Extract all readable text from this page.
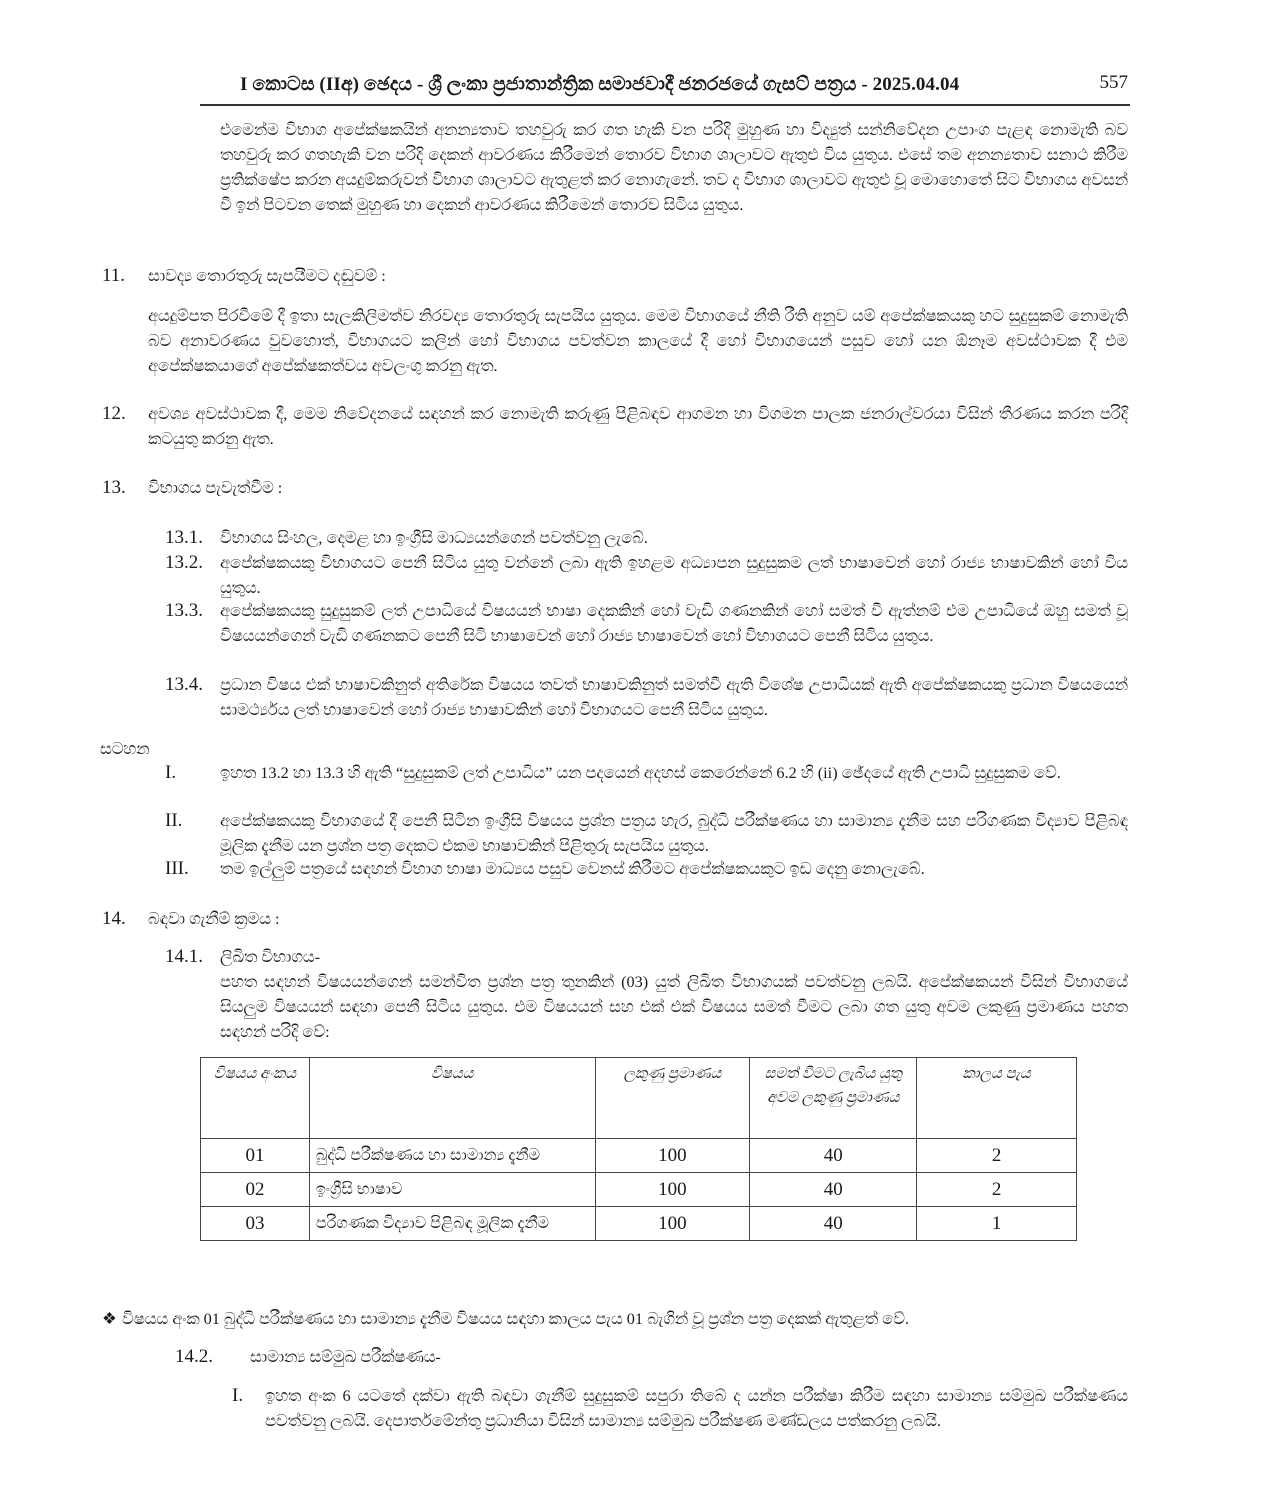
I කොටස (IIඅ) ඡෙදය - ශ්‍රී ලංකා ප්‍රජාතාන්ත්‍රික සමාජවාදී ජනරජයේ ගැසට් පත්‍රය - 2025.04.04	557
එමෙන්ම විභාග අපේක්ෂකයින් අනන්‍යතාව තහවුරු කර ගත හැකි වන පරිදි මුහුණ හා විද්‍යුත් සන්නිවේදන උපාංග පැළඳ නොමැති බව තහවුරු කර ගතහැකි වන පරිදි දෙකන් ආවරණය කිරීමෙන් තොරව විභාග ශාලාවට ඇතුළු විය යුතුය. එසේ තම අනන්‍යතාව සනාථ කිරීම ප්‍රතික්ෂේප කරන අයදුම්කරුවන් විභාග ශාලාවට ඇතුළත් කර නොගැනේ. තව ද විභාග ශාලාවට ඇතුළු වූ මොහොතේ සිට විභාගය අවසන් වී ඉන් පිටවන තෙක් මුහුණ හා දෙකන් ආවරණය කිරීමෙන් තොරව සිටිය යුතුය.
11. සාවද්‍ය තොරතුරු සැපයීමට දඬුවම් :
අයදුම්පත පිරවීමේ දී ඉතා සැලකිලිමත්ව නිරවද්‍ය තොරතුරු සැපයිය යුතුය. මෙම විභාගයේ නීති රීති අනුව යම් අපේක්ෂකයකු හට සුදුසුකම් නොමැති බව අනාවරණය වුවහොත්, විභාගයට කලින් හෝ විභාගය පවත්වන කාලයේ දී හෝ විභාගයෙන් පසුව හෝ යන ඕනෑම අවස්ථාවක දී එම අපේක්ෂකයාගේ අපේක්ෂකත්වය අවලංගු කරනු ඇත.
12. අවශ්‍ය අවස්ථාවක දී, මෙම නිවේදනයේ සඳහන් කර නොමැති කරුණු පිළිබඳව ආගමන හා විගමන පාලක ජනරාල්වරයා විසින් තීරණය කරන පරිදි කටයුතු කරනු ඇත.
13. විභාගය පැවැත්වීම :
13.1. විභාගය සිංහල, දෙමළ හා ඉංග්‍රීසි මාධ්‍යයන්ගෙන් පවත්වනු ලැබේ.
13.2. අපේක්ෂකයකු විභාගයට පෙනී සිටිය යුතු වන්නේ ලබා ඇති ඉහළම අධ්‍යාපන සුදුසුකම ලත් භාෂාවෙන් හෝ රාජ්‍ය භාෂාවකින් හෝ විය යුතුය.
13.3. අපේක්ෂකයකු සුදුසුකම් ලත් උපාධියේ විෂයයන් භාෂා දෙකකින් හෝ වැඩි ගණනකින් හෝ සමත් වී ඇත්නම් එම උපාධියේ ඔහු සමත් වූ විෂයයන්ගෙන් වැඩි ගණනකට පෙනී සිටි භාෂාවෙන් හෝ රාජ්‍ය භාෂාවෙන් හෝ විභාගයට පෙනී සිටිය යුතුය.
13.4. ප්‍රධාන විෂය එක් භාෂාවකිනුත් අතිරේක විෂයය තවත් භාෂාවකිනුත් සමත්වී ඇති විශේෂ උපාධියක් ඇති අපේක්ෂකයකු ප්‍රධාන විෂයයෙන් සාමර්ථ්‍යය ලත් භාෂාවෙන් හෝ රාජ්‍ය භාෂාවකින් හෝ විභාගයට පෙනී සිටිය යුතුය.
සටහන
I.	ඉහත 13.2 හා 13.3 හි ඇති “සුදුසුකම් ලත් උපාධිය” යන පදයෙන් අදහස් කෙරෙන්නේ 6.2 හි (ii) ඡේදයේ ඇති උපාධි සුදුසුකම වේ.
II. අපේක්ෂකයකු විභාගයේ දී පෙනී සිටින ඉංග්‍රීසි විෂයය ප්‍රශ්න පත්‍රය හැර, බුද්ධි පරීක්ෂණය හා සාමාන්‍ය දැනීම සහ පරිගණක විද්‍යාව පිළිබඳ මූලික දැනීම යන ප්‍රශ්න පත්‍ර දෙකට එකම භාෂාවකින් පිළිතුරු සැපයිය යුතුය.
III. තම ඉල්ලුම් පත්‍රයේ සඳහන් විභාග භාෂා මාධ්‍යය පසුව වෙනස් කිරීමට අපේක්ෂකයකුට ඉඩ දෙනු නොලැබේ.
14. බඳවා ගැනීම් ක්‍රමය :
14.1. ලිඛිත විභාගය-
පහත සඳහන් විෂයයන්ගෙන් සමන්විත ප්‍රශ්න පත්‍ර තුනකින් (03) යුත් ලිඛිත විභාගයක් පවත්වනු ලබයි. අපේක්ෂකයන් විසින් විභාගයේ සියලුම විෂයයන් සඳහා පෙනී සිටිය යුතුය. එම විෂයයන් සහ එක් එක් විෂයය සමත් වීමට ලබා ගත යුතු අවම ලකුණු ප්‍රමාණය පහත සඳහන් පරිදි වේ:
විෂයය අංකය	විෂයය	ලකුණු ප්‍රමාණය	සමත් වීමට ලැබිය යුතු අවම ලකුණු ප්‍රමාණය	කාලය පැය
01	බුද්ධි පරීක්ෂණය හා සාමාන්‍ය දැනීම	100	40	2
02	ඉංග්‍රීසි භාෂාව	100	40	2
03	පරිගණක විද්‍යාව පිළිබඳ මූලික දැනීම	100	40	1
❖ විෂයය අංක 01 බුද්ධි පරීක්ෂණය හා සාමාන්‍ය දැනීම විෂයය සඳහා කාලය පැය 01 බැගින් වූ ප්‍රශ්න පත්‍ර දෙකක් ඇතුළත් වේ.
14.2. සාමාන්‍ය සම්මුඛ පරීක්ෂණය-
I. ඉහත අංක 6 යටතේ දක්වා ඇති බඳවා ගැනීම් සුදුසුකම් සපුරා තිබේ ද යන්න පරීක්ෂා කිරීම සඳහා සාමාන්‍ය සම්මුඛ පරීක්ෂණය පවත්වනු ලබයි. දෙපාර්තමේන්තු ප්‍රධානියා විසින් සාමාන්‍ය සම්මුඛ පරීක්ෂණ මණ්ඩලය පත්කරනු ලබයි.
